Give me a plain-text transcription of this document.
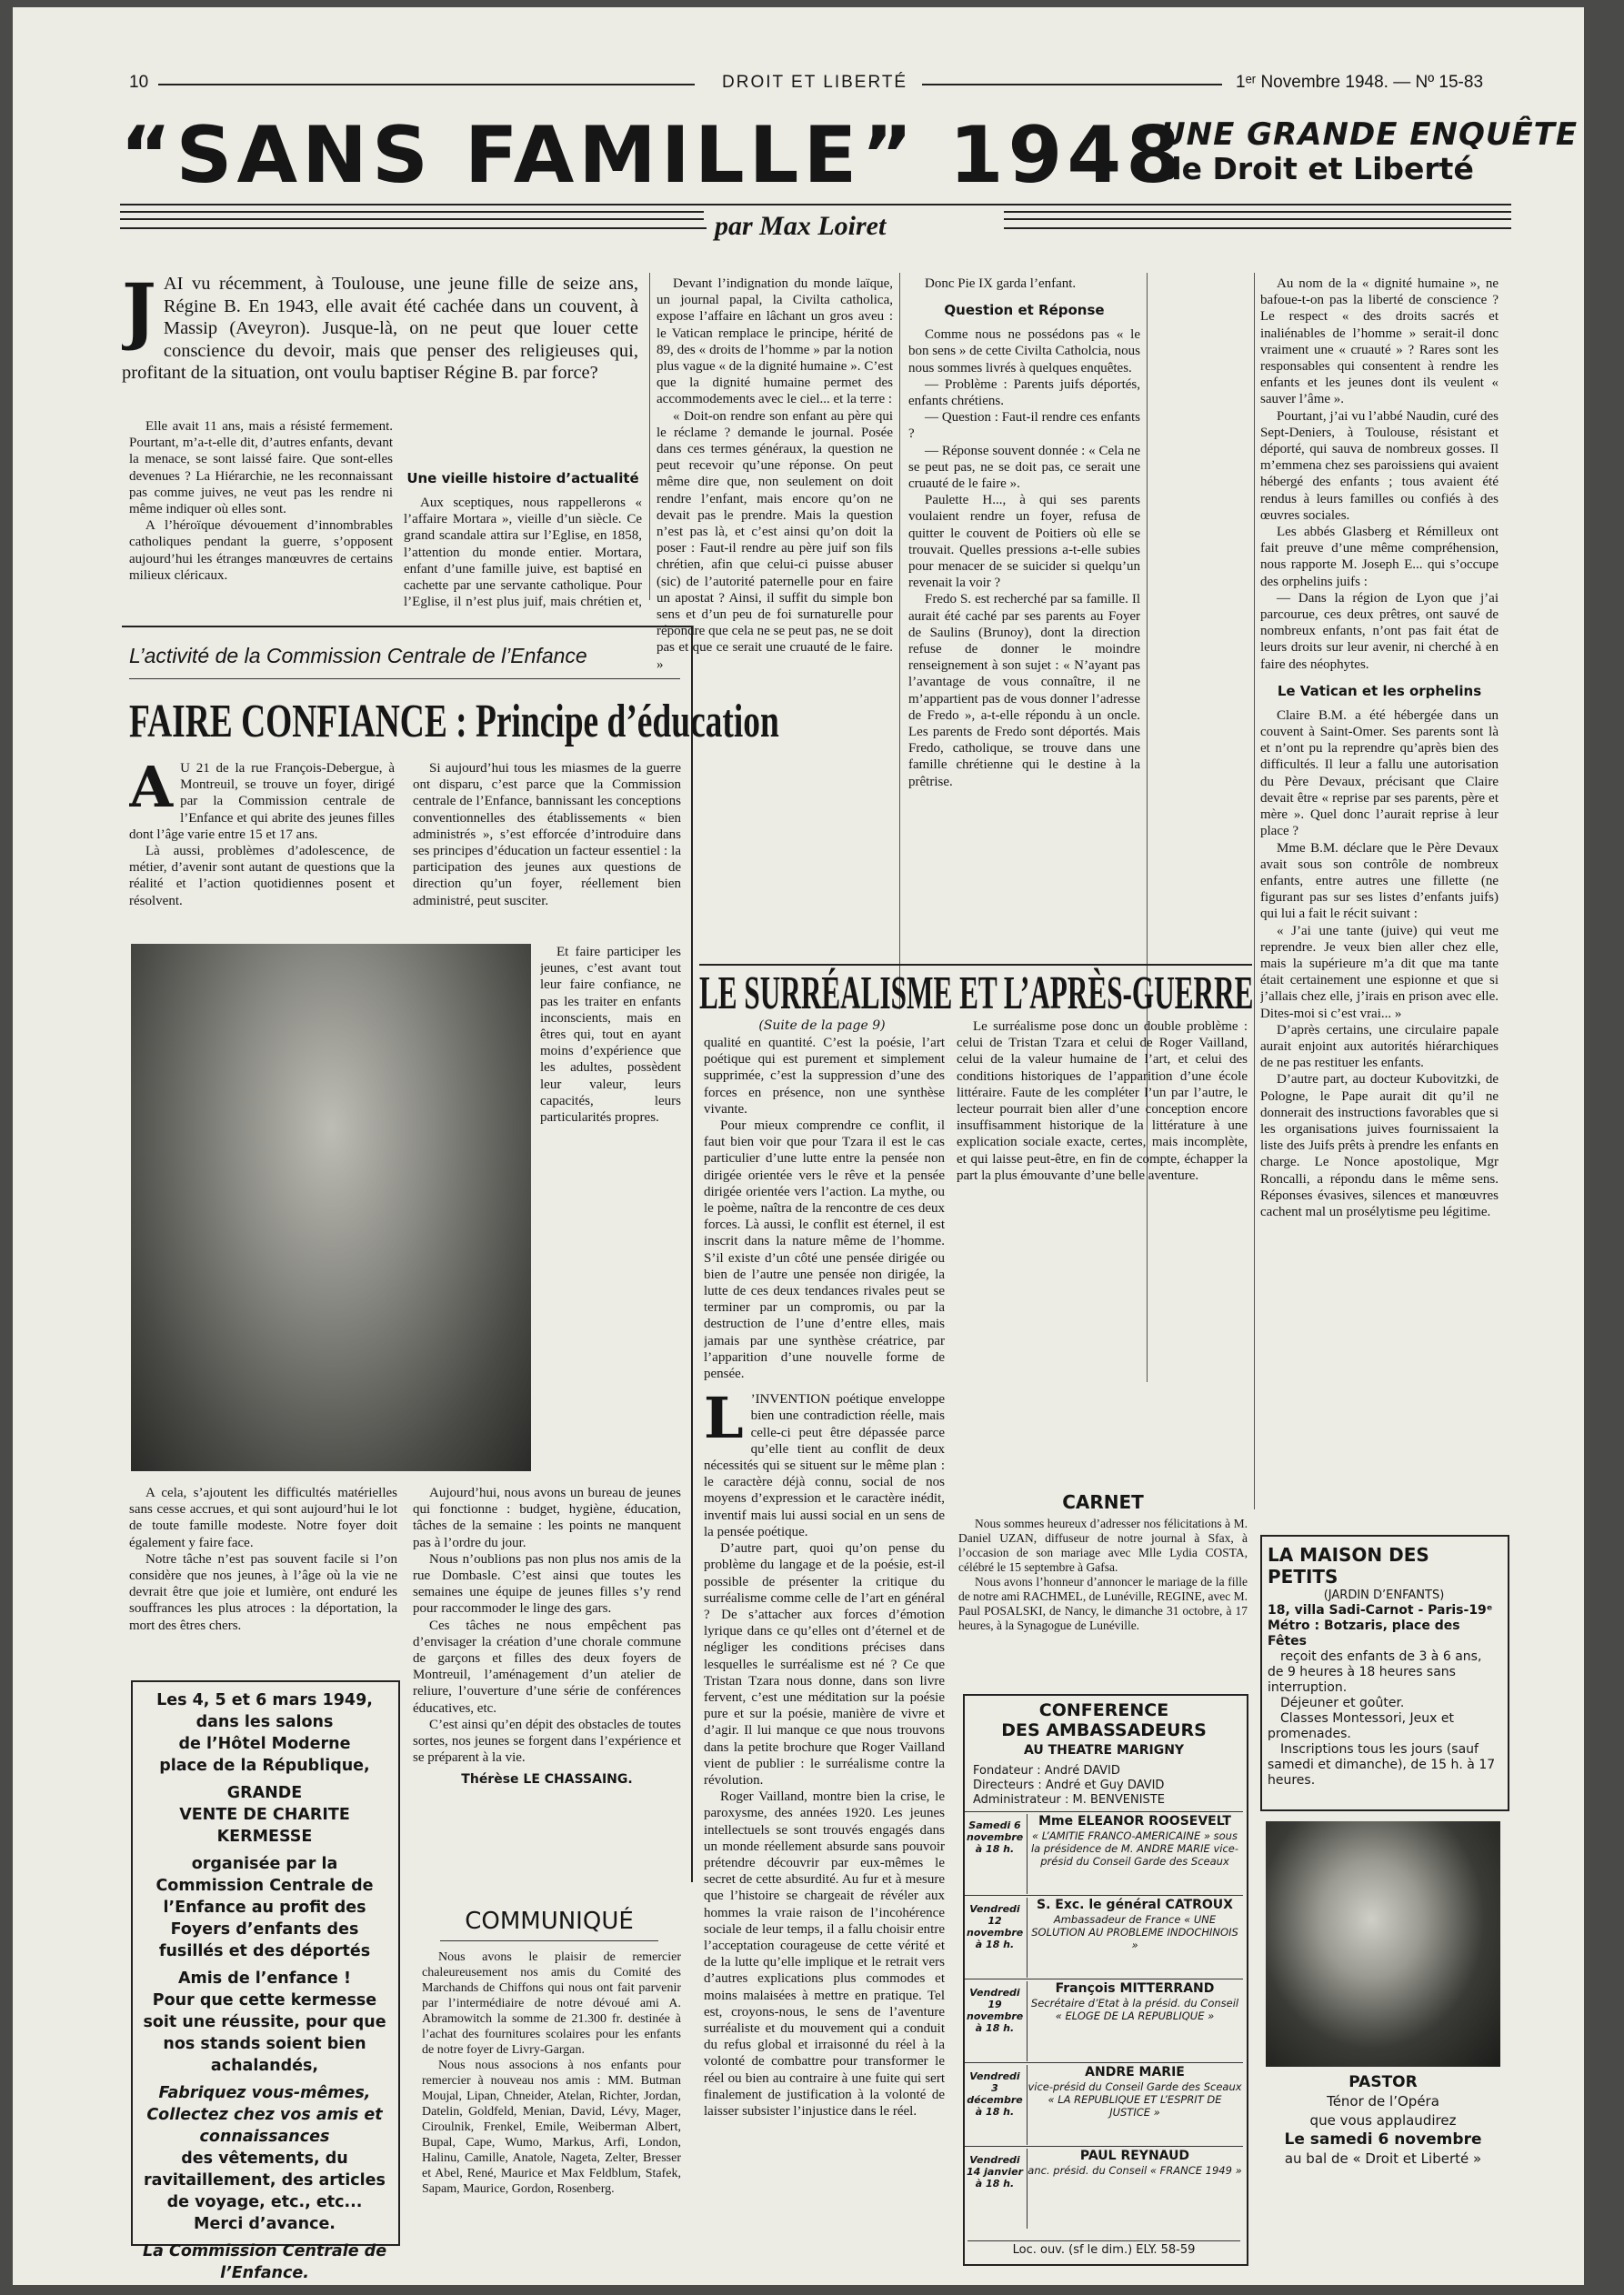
10	DROIT ET LIBERTÉ	1ᵉʳ Novembre 1948. — Nº 15-83
“SANS FAMILLE” 1948
UNE GRANDE ENQUÊTE
de Droit et Liberté
par Max Loiret
JAI vu récemment, à Toulouse, une jeune fille de seize ans, Régine B. En 1943, elle avait été cachée dans un couvent, à Massip (Aveyron). Jusque-là, on ne peut que louer cette conscience du devoir, mais que penser des religieuses qui, profitant de la situation, ont voulu baptiser Régine B. par force?

Elle avait 11 ans, mais a résisté fermement. Pourtant, m’a-t-elle dit, d’autres enfants, devant la menace, se sont laissé faire. Que sont-elles devenues ? La Hiérarchie, ne les reconnaissant pas comme juives, ne veut pas les rendre ni même indiquer où elles sont.

A l’héroïque dévouement d’innombrables catholiques pendant la guerre, s’opposent aujourd’hui les étranges manœuvres de certains milieux cléricaux.

Une vieille histoire d’actualité

Aux sceptiques, nous rappellerons « l’affaire Mortara », vieille d’un siècle. Ce grand scandale attira sur l’Eglise, en 1858, l’attention du monde entier. Mortara, enfant d’une famille juive, est baptisé en cachette par une servante catholique. Pour l’Eglise, il n’est plus juif, mais chrétien et,

Devant l’indignation du monde laïque, un journal papal, la Civilta catholica, expose l’affaire en lâchant un gros aveu : le Vatican remplace le principe, hérité de 89, des « droits de l’homme » par la notion plus vague « de la dignité humaine ». C’est que la dignité humaine permet des accommodements avec le ciel... et la terre :

« Doit-on rendre son enfant au père qui le réclame ? demande le journal. Posée dans ces termes généraux, la question ne peut recevoir qu’une réponse. On peut même dire que, non seulement on doit rendre l’enfant, mais encore qu’on ne devait pas le prendre. Mais la question n’est pas là, et c’est ainsi qu’on doit la poser : Faut-il rendre au père juif son fils chrétien, afin que celui-ci puisse abuser (sic) de l’autorité paternelle pour en faire un apostat ? Ainsi, il suffit du simple bon sens et d’un peu de foi surnaturelle pour répondre que cela ne se peut pas, ne se doit pas et que ce serait une cruauté de le faire. »

Donc Pie IX garda l’enfant.

Question et Réponse

Comme nous ne possédons pas « le bon sens » de cette Civilta Catholcia, nous nous sommes livrés à quelques enquêtes.

— Problème : Parents juifs déportés, enfants chrétiens.

— Question : Faut-il rendre ces enfants ?

— Réponse souvent donnée : « Cela ne se peut pas, ne se doit pas, ce serait une cruauté de le faire ».

Paulette H..., à qui ses parents voulaient rendre un foyer, refusa de quitter le couvent de Poitiers où elle se trouvait. Quelles pressions a-t-elle subies pour menacer de se suicider si quelqu’un revenait la voir ?

Fredo S. est recherché par sa famille. Il aurait été caché par ses parents au Foyer de Saulins (Brunoy), dont la direction refuse de donner le moindre renseignement à son sujet : « N’ayant pas l’avantage de vous connaître, il ne m’appartient pas de vous donner l’adresse de Fredo », a-t-elle répondu à un oncle. Les parents de Fredo sont déportés. Mais Fredo, catholique, se trouve dans une famille chrétienne qui le destine à la prêtrise.

Au nom de la « dignité humaine », ne bafoue-t-on pas la liberté de conscience ? Le respect « des droits sacrés et inaliénables de l’homme » serait-il donc vraiment une « cruauté » ? Rares sont les responsables qui consentent à rendre les enfants et les jeunes dont ils veulent « sauver l’âme ».

Pourtant, j’ai vu l’abbé Naudin, curé des Sept-Deniers, à Toulouse, résistant et déporté, qui sauva de nombreux gosses. Il m’emmena chez ses paroissiens qui avaient hébergé des enfants ; tous avaient été rendus à leurs familles ou confiés à des œuvres sociales.

Les abbés Glasberg et Rémilleux ont fait preuve d’une même compréhension, nous rapporte M. Joseph E... qui s’occupe des orphelins juifs :

— Dans la région de Lyon que j’ai parcourue, ces deux prêtres, ont sauvé de nombreux enfants, n’ont pas fait état de leurs droits sur leur avenir, ni cherché à en faire des néophytes.

Le Vatican et les orphelins

Claire B.M. a été hébergée dans un couvent à Saint-Omer. Ses parents sont là et n’ont pu la reprendre qu’après bien des difficultés. Il leur a fallu une autorisation du Père Devaux, précisant que Claire devait être « reprise par ses parents, père et mère ». Quel donc l’aurait reprise à leur place ?

Mme B.M. déclare que le Père Devaux avait sous son contrôle de nombreux enfants, entre autres une fillette (ne figurant pas sur ses listes d’enfants juifs) qui lui a fait le récit suivant :

« J’ai une tante (juive) qui veut me reprendre. Je veux bien aller chez elle, mais la supérieure m’a dit que ma tante était certainement une espionne et que si j’allais chez elle, j’irais en prison avec elle. Dites-moi si c’est vrai... »

D’après certains, une circulaire papale aurait enjoint aux autorités hiérarchiques de ne pas restituer les enfants.

D’autre part, au docteur Kubovitzki, de Pologne, le Pape aurait dit qu’il ne donnerait des instructions favorables que si les organisations juives fournissaient la liste des Juifs prêts à prendre les enfants en charge. Le Nonce apostolique, Mgr Roncalli, a répondu dans le même sens. Réponses évasives, silences et manœuvres cachent mal un prosélytisme peu légitime.

L’activité de la Commission Centrale de l’Enfance
FAIRE CONFIANCE : Principe d’éducation
A U 21 de la rue François-Debergue, à Montreuil, se trouve un foyer, dirigé par la Commission centrale de l’Enfance et qui abrite des jeunes filles dont l’âge varie entre 15 et 17 ans.

Là aussi, problèmes d’adolescence, de métier, d’avenir sont autant de questions que la réalité et l’action quotidiennes posent et résolvent.

A cela, s’ajoutent les difficultés matérielles sans cesse accrues, et qui sont aujourd’hui le lot de toute famille modeste. Notre foyer doit également y faire face.

Notre tâche n’est pas souvent facile si l’on considère que nos jeunes, à l’âge où la vie ne devrait être que joie et lumière, ont enduré les souffrances les plus atroces : la déportation, la mort des êtres chers.

Si aujourd’hui tous les miasmes de la guerre ont disparu, c’est parce que la Commission centrale de l’Enfance, bannissant les conceptions conventionnelles des établissements « bien administrés », s’est efforcée d’introduire dans ses principes d’éducation un facteur essentiel : la participation des jeunes aux questions de direction qu’un foyer, réellement bien administré, peut susciter.

Et faire participer les jeunes, c’est avant tout leur faire confiance, ne pas les traiter en enfants inconscients, mais en êtres qui, tout en ayant moins d’expérience que les adultes, possèdent leur valeur, leurs capacités, leurs particularités propres.

Aujourd’hui, nous avons un bureau de jeunes qui fonctionne : budget, hygiène, éducation, tâches de la semaine : les points ne manquent pas à l’ordre du jour.

Nous n’oublions pas non plus nos amis de la rue Dombasle. C’est ainsi que toutes les semaines une équipe de jeunes filles s’y rend pour raccommoder le linge des gars.

Ces tâches ne nous empêchent pas d’envisager la création d’une chorale commune de garçons et filles des deux foyers de Montreuil, l’aménagement d’un atelier de reliure, l’ouverture d’une série de conférences éducatives, etc.

C’est ainsi qu’en dépit des obstacles de toutes sortes, nos jeunes se forgent dans l’expérience et se préparent à la vie.

Thérèse LE CHASSAING.
Les 4, 5 et 6 mars 1949,
dans les salons
de l’Hôtel Moderne
place de la République,
GRANDE
VENTE DE CHARITE
KERMESSE
organisée par la Commission Centrale de l’Enfance au profit des Foyers d’enfants des fusillés et des déportés
Amis de l’enfance !
Pour que cette kermesse soit une réussite, pour que nos stands soient bien achalandés,
Fabriquez vous-mêmes, Collectez chez vos amis et connaissances
des vêtements, du ravitaillement, des articles de voyage, etc., etc...
Merci d’avance.
La Commission Centrale de l’Enfance.
COMMUNIQUÉ

Nous avons le plaisir de remercier chaleureusement nos amis du Comité des Marchands de Chiffons qui nous ont fait parvenir par l’intermédiaire de notre dévoué ami A. Abramowitch la somme de 21.300 fr. destinée à l’achat des fournitures scolaires pour les enfants de notre foyer de Livry-Gargan.

Nous nous associons à nos enfants pour remercier à nouveau nos amis : MM. Butman Moujal, Lipan, Chneider, Atelan, Richter, Jordan, Datelin, Goldfeld, Menian, David, Lévy, Mager, Ciroulnik, Frenkel, Emile, Weiberman Albert, Bupal, Cape, Wumo, Markus, Arfi, London, Halinu, Camille, Anatole, Nageta, Zelter, Bresser et Abel, René, Maurice et Max Feldblum, Stafek, Sapam, Maurice, Gordon, Rosenberg.

LE SURRÉALISME ET L’APRÈS-GUERRE
(Suite de la page 9)

qualité en quantité. C’est la poésie, l’art poétique qui est purement et simplement supprimée, c’est la suppression d’une des forces en présence, non une synthèse vivante.

Pour mieux comprendre ce conflit, il faut bien voir que pour Tzara il est le cas particulier d’une lutte entre la pensée non dirigée orientée vers le rêve et la pensée dirigée orientée vers l’action. La mythe, ou le poème, naîtra de la rencontre de ces deux forces. Là aussi, le conflit est éternel, il est inscrit dans la nature même de l’homme. S’il existe d’un côté une pensée dirigée ou bien de l’autre une pensée non dirigée, la lutte de ces deux tendances rivales peut se terminer par un compromis, ou par la destruction de l’une d’entre elles, mais jamais par une synthèse créatrice, par l’apparition d’une nouvelle forme de pensée.

L ’INVENTION poétique enveloppe bien une contradiction réelle, mais celle-ci peut être dépassée parce qu’elle tient au conflit de deux nécessités qui se situent sur le même plan : le caractère déjà connu, social de nos moyens d’expression et le caractère inédit, inventif mais lui aussi social en un sens de la pensée poétique.

D’autre part, quoi qu’on pense du problème du langage et de la poésie, est-il possible de présenter la critique du surréalisme comme celle de l’art en général ? De s’attacher aux forces d’émotion lyrique dans ce qu’elles ont d’éternel et de négliger les conditions précises dans lesquelles le surréalisme est né ? Ce que Tristan Tzara nous donne, dans son livre fervent, c’est une méditation sur la poésie pure et sur la poésie, manière de vivre et d’agir. Il lui manque ce que nous trouvons dans la petite brochure que Roger Vailland vient de publier : le surréalisme contre la révolution.

Roger Vailland, montre bien la crise, le paroxysme, des années 1920. Les jeunes intellectuels se sont trouvés engagés dans un monde réellement absurde sans pouvoir prétendre découvrir par eux-mêmes le secret de cette absurdité. Au fur et à mesure que l’histoire se chargeait de révéler aux hommes la vraie raison de l’incohérence sociale de leur temps, il a fallu choisir entre l’acceptation courageuse de cette vérité et de la lutte qu’elle implique et le retrait vers d’autres explications plus commodes et moins malaisées à mettre en pratique. Tel est, croyons-nous, le sens de l’aventure surréaliste et du mouvement qui a conduit du refus global et irraisonné du réel à la volonté de combattre pour transformer le réel ou bien au contraire à une fuite qui sert finalement de justification à la volonté de laisser subsister l’injustice dans le réel.

Le surréalisme pose donc un double problème : celui de Tristan Tzara et celui de Roger Vailland, celui de la valeur humaine de l’art, et celui des conditions historiques de l’apparition d’une école littéraire. Faute de les compléter l’un par l’autre, le lecteur pourrait bien aller d’une conception encore insuffisamment historique de la littérature à une explication sociale exacte, certes, mais incomplète, et qui laisse peut-être, en fin de compte, échapper la part la plus émouvante d’une belle aventure.

CARNET

Nous sommes heureux d’adresser nos félicitations à M. Daniel UZAN, diffuseur de notre journal à Sfax, à l’occasion de son mariage avec Mlle Lydia COSTA, célébré le 15 septembre à Gafsa.

Nous avons l’honneur d’annoncer le mariage de la fille de notre ami RACHMEL, de Lunéville, REGINE, avec M. Paul POSALSKI, de Nancy, le dimanche 31 octobre, à 17 heures, à la Synagogue de Lunéville.

CONFERENCE
DES AMBASSADEURS
AU THEATRE MARIGNY
Fondateur : André DAVID
Directeurs : André et Guy DAVID
Administrateur : M. BENVENISTE
Samedi 6 novembre à 18 h.
Mme ELEANOR ROOSEVELT
« L’AMITIE FRANCO-AMERICAINE » sous la présidence de M. ANDRE MARIE vice-présid du Conseil Garde des Sceaux
Vendredi 12 novembre à 18 h.
S. Exc. le général CATROUX
Ambassadeur de France « UNE SOLUTION AU PROBLEME INDOCHINOIS »
Vendredi 19 novembre à 18 h.
François MITTERRAND
Secrétaire d’Etat à la présid. du Conseil « ELOGE DE LA REPUBLIQUE »
Vendredi 3 décembre à 18 h.
ANDRE MARIE
vice-présid du Conseil Garde des Sceaux « LA REPUBLIQUE ET L’ESPRIT DE JUSTICE »
Vendredi 14 janvier à 18 h.
PAUL REYNAUD
anc. présid. du Conseil « FRANCE 1949 »
Loc. ouv. (sf le dim.) ELY. 58-59
LA MAISON DES PETITS
(JARDIN D’ENFANTS)
18, villa Sadi-Carnot - Paris-19ᵉ
Métro : Botzaris, place des Fêtes
reçoit des enfants de 3 à 6 ans, de 9 heures à 18 heures sans interruption.
Déjeuner et goûter.
Classes Montessori, Jeux et promenades.
Inscriptions tous les jours (sauf samedi et dimanche), de 15 h. à 17 heures.
PASTOR
Ténor de l’Opéra
que vous applaudirez
Le samedi 6 novembre
au bal de « Droit et Liberté »
